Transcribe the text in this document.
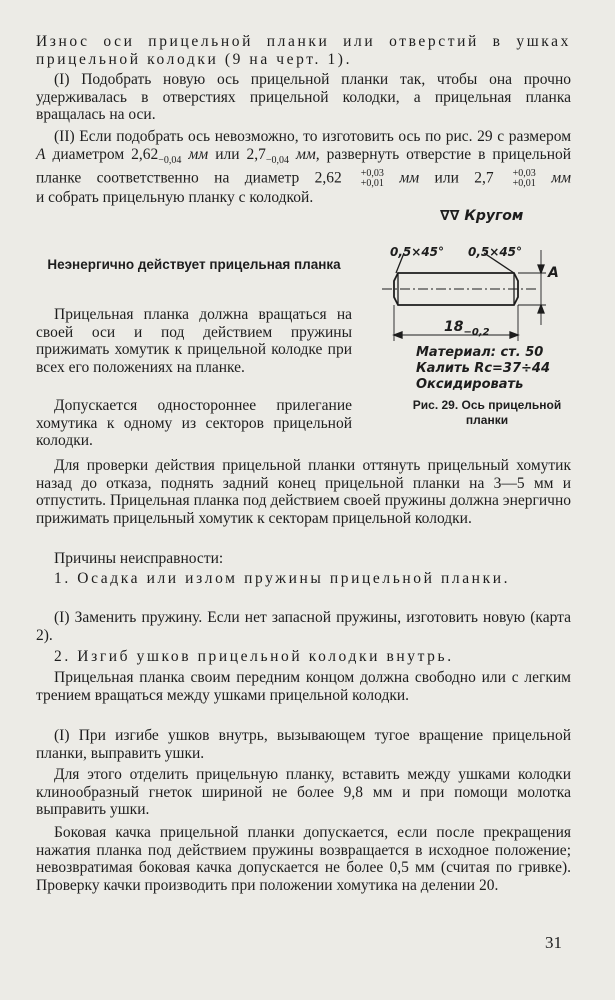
Износ оси прицельной планки или отверстий в ушках прицельной колодки (9 на черт. 1).

(I) Подобрать новую ось прицельной планки так, чтобы она прочно удерживалась в отверстиях прицельной колодки, а прицельная планка вращалась на оси.

(II) Если подобрать ось невозможно, то изготовить ось по рис. 29 с размером A диаметром $2,62_{-0,04}$ мм или $2,7_{-0,04}$ мм, развернуть отверстие в прицельной планке соответственно на диаметр 2,62	+0,03
+0,01 мм или 2,7	+0,03
+0,01 мм и собрать прицельную планку с колодкой.

Неэнергично действует прицельная планка

Прицельная планка должна вращаться на своей оси и под действием пружины прижимать хомутик к прицельной колодке при всех его положениях на планке.

Допускается одностороннее прилегание хомутика к одному из секторов прицельной колодки.

∇∇ Кругом
0,5×45° 0,5×45°
A
$18_{-0,2}$
Материал: ст. 50
Калить Rc=37÷44
Оксидировать
Рис. 29. Ось прицельной планки

Для проверки действия прицельной планки оттянуть прицельный хомутик назад до отказа, поднять задний конец прицельной планки на 3—5 мм и отпустить. Прицельная планка под действием своей пружины должна энергично прижимать прицельный хомутик к секторам прицельной колодки.

Причины неисправности:

1. Осадка или излом пружины прицельной планки.

(I) Заменить пружину. Если нет запасной пружины, изготовить новую (карта 2).

2. Изгиб ушков прицельной колодки внутрь.

Прицельная планка своим передним концом должна свободно или с легким трением вращаться между ушками прицельной колодки.

(I) При изгибе ушков внутрь, вызывающем тугое вращение прицельной планки, выправить ушки.

Для этого отделить прицельную планку, вставить между ушками колодки клинообразный гнеток шириной не более 9,8 мм и при помощи молотка выправить ушки.

Боковая качка прицельной планки допускается, если после прекращения нажатия планка под действием пружины возвращается в исходное положение; невозвратимая боковая качка допускается не более 0,5 мм (считая по гривке). Проверку качки производить при положении хомутика на делении 20.

31
